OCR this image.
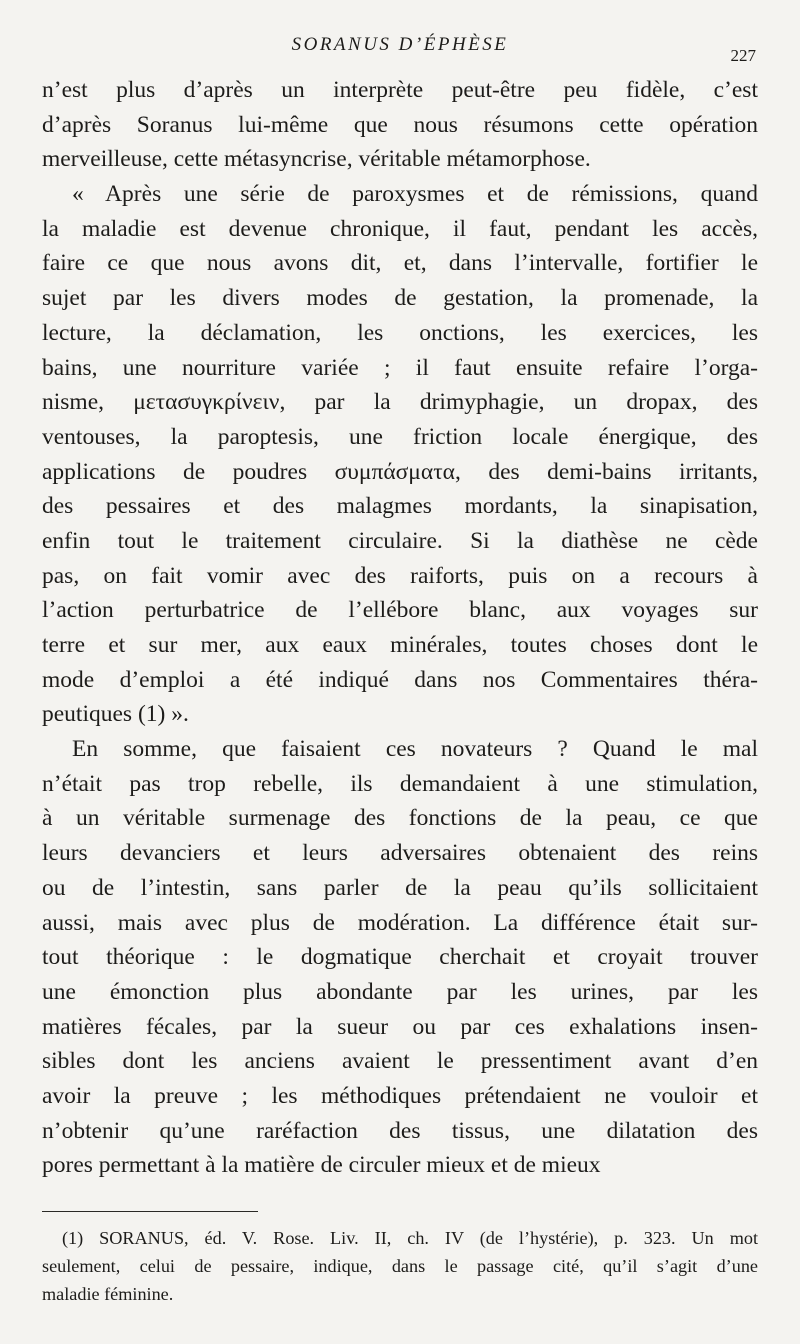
SORANUS D’ÉPHÈSE
227
n’est plus d’après un interprète peut-être peu fidèle, c’est
d’après Soranus lui-même que nous résumons cette opération
merveilleuse, cette métasyncrise, véritable métamorphose.
« Après une série de paroxysmes et de rémissions, quand
la maladie est devenue chronique, il faut, pendant les accès,
faire ce que nous avons dit, et, dans l’intervalle, fortifier le
sujet par les divers modes de gestation, la promenade, la
lecture, la déclamation, les onctions, les exercices, les
bains, une nourriture variée ; il faut ensuite refaire l’orga-
nisme, μετασυγκρίνειν, par la drimyphagie, un dropax, des
ventouses, la paroptesis, une friction locale énergique, des
applications de poudres συμπάσματα, des demi-bains irritants,
des pessaires et des malagmes mordants, la sinapisation,
enfin tout le traitement circulaire. Si la diathèse ne cède
pas, on fait vomir avec des raiforts, puis on a recours à
l’action perturbatrice de l’ellébore blanc, aux voyages sur
terre et sur mer, aux eaux minérales, toutes choses dont le
mode d’emploi a été indiqué dans nos Commentaires théra-
peutiques (1) ».
En somme, que faisaient ces novateurs ? Quand le mal
n’était pas trop rebelle, ils demandaient à une stimulation,
à un véritable surmenage des fonctions de la peau, ce que
leurs devanciers et leurs adversaires obtenaient des reins
ou de l’intestin, sans parler de la peau qu’ils sollicitaient
aussi, mais avec plus de modération. La différence était sur-
tout théorique : le dogmatique cherchait et croyait trouver
une émonction plus abondante par les urines, par les
matières fécales, par la sueur ou par ces exhalations insen-
sibles dont les anciens avaient le pressentiment avant d’en
avoir la preuve ; les méthodiques prétendaient ne vouloir et
n’obtenir qu’une raréfaction des tissus, une dilatation des
pores permettant à la matière de circuler mieux et de mieux
(1) SORANUS, éd. V. Rose. Liv. II, ch. IV (de l’hystérie), p. 323. Un mot
seulement, celui de pessaire, indique, dans le passage cité, qu’il s’agit d’une
maladie féminine.
